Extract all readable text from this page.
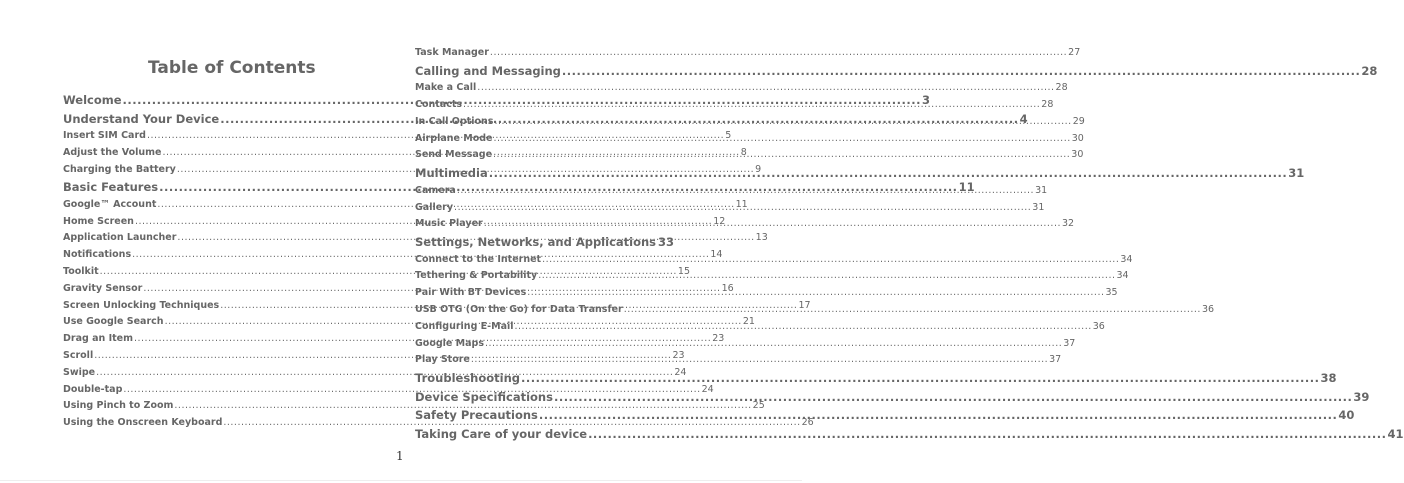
Table of Contents
Welcome .....	3
Understand Your Device .....	4
Insert SIM Card .....	5
Adjust the Volume .....	8
Charging the Battery .....	9
Basic Features .....	11
Google™ Account .....	11
Home Screen .....	12
Application Launcher .....	13
Notifications .....	14
Toolkit .....	15
Gravity Sensor .....	16
Screen Unlocking Techniques .....	17
Use Google Search .....	21
Drag an Item .....	23
Scroll .....	23
Swipe .....	24
Double-tap .....	24
Using Pinch to Zoom .....	25
Using the Onscreen Keyboard .....	26
Task Manager .....	27
Calling and Messaging .....	28
Make a Call .....	28
Contacts .....	28
In Call Options .....	29
Airplane Mode .....	30
Send Message .....	30
Multimedia .....	31
Camera .....	31
Gallery .....	31
Music Player .....	32
Settings, Networks, and Applications 33
Connect to the Internet .....	34
Tethering & Portability .....	34
Pair With BT Devices .....	35
USB OTG (On the Go) for Data Transfer .....	36
Configuring E-Mail .....	36
Google Maps .....	37
Play Store .....	37
Troubleshooting .....	38
Device Specifications .....	39
Safety Precautions .....	40
Taking Care of your device .....	41
1
